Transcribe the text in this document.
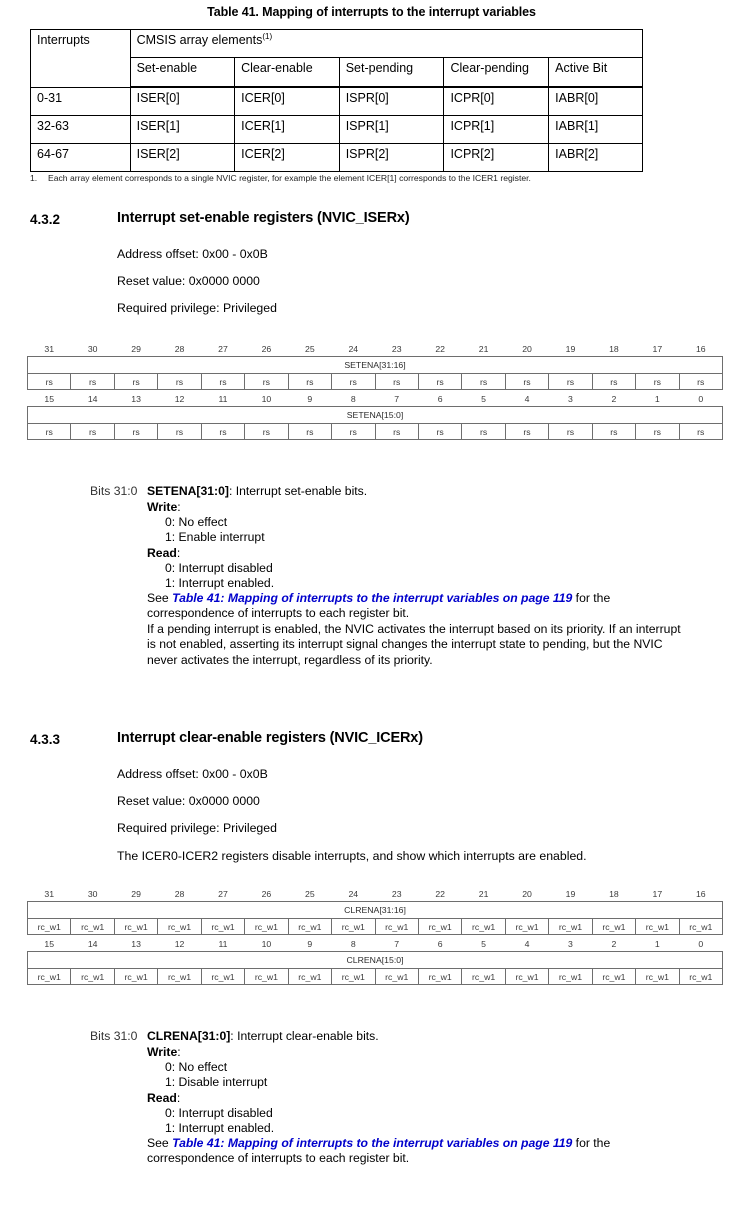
Table 41. Mapping of interrupts to the interrupt variables
Interrupts	CMSIS array elements$^{(1)}$
	Set-enable	Clear-enable	Set-pending	Clear-pending	Active Bit
0-31	ISER[0]	ICER[0]	ISPR[0]	ICPR[0]	IABR[0]
32-63	ISER[1]	ICER[1]	ISPR[1]	ICPR[1]	IABR[1]
64-67	ISER[2]	ICER[2]	ISPR[2]	ICPR[2]	IABR[2]
1.	Each array element corresponds to a single NVIC register, for example the element ICER[1] corresponds to the ICER1 register.
4.3.2	Interrupt set-enable registers (NVIC_ISERx)
Address offset: 0x00 - 0x0B
Reset value: 0x0000 0000
Required privilege: Privileged
31	30	29	28	27	26	25	24	23	22	21	20	19	18	17	16
SETENA[31:16]															
rs	rs	rs	rs	rs	rs	rs	rs	rs	rs	rs	rs	rs	rs	rs	rs
15	14	13	12	11	10	9	8	7	6	5	4	3	2	1	0
SETENA[15:0]															
rs	rs	rs	rs	rs	rs	rs	rs	rs	rs	rs	rs	rs	rs	rs	rs
Bits 31:0 SETENA[31:0]: Interrupt set-enable bits.
Write:
0: No effect
1: Enable interrupt
Read:
0: Interrupt disabled
1: Interrupt enabled.
See Table 41: Mapping of interrupts to the interrupt variables on page 119 for the correspondence of interrupts to each register bit.
If a pending interrupt is enabled, the NVIC activates the interrupt based on its priority. If an interrupt is not enabled, asserting its interrupt signal changes the interrupt state to pending, but the NVIC never activates the interrupt, regardless of its priority.
4.3.3	Interrupt clear-enable registers (NVIC_ICERx)
Address offset: 0x00 - 0x0B
Reset value: 0x0000 0000
Required privilege: Privileged
The ICER0-ICER2 registers disable interrupts, and show which interrupts are enabled.
31	30	29	28	27	26	25	24	23	22	21	20	19	18	17	16
CLRENA[31:16]															
rc_w1	rc_w1	rc_w1	rc_w1	rc_w1	rc_w1	rc_w1	rc_w1	rc_w1	rc_w1	rc_w1	rc_w1	rc_w1	rc_w1	rc_w1	rc_w1
15	14	13	12	11	10	9	8	7	6	5	4	3	2	1	0
CLRENA[15:0]															
rc_w1	rc_w1	rc_w1	rc_w1	rc_w1	rc_w1	rc_w1	rc_w1	rc_w1	rc_w1	rc_w1	rc_w1	rc_w1	rc_w1	rc_w1	rc_w1
Bits 31:0 CLRENA[31:0]: Interrupt clear-enable bits.
Write:
0: No effect
1: Disable interrupt
Read:
0: Interrupt disabled
1: Interrupt enabled.
See Table 41: Mapping of interrupts to the interrupt variables on page 119 for the correspondence of interrupts to each register bit.
